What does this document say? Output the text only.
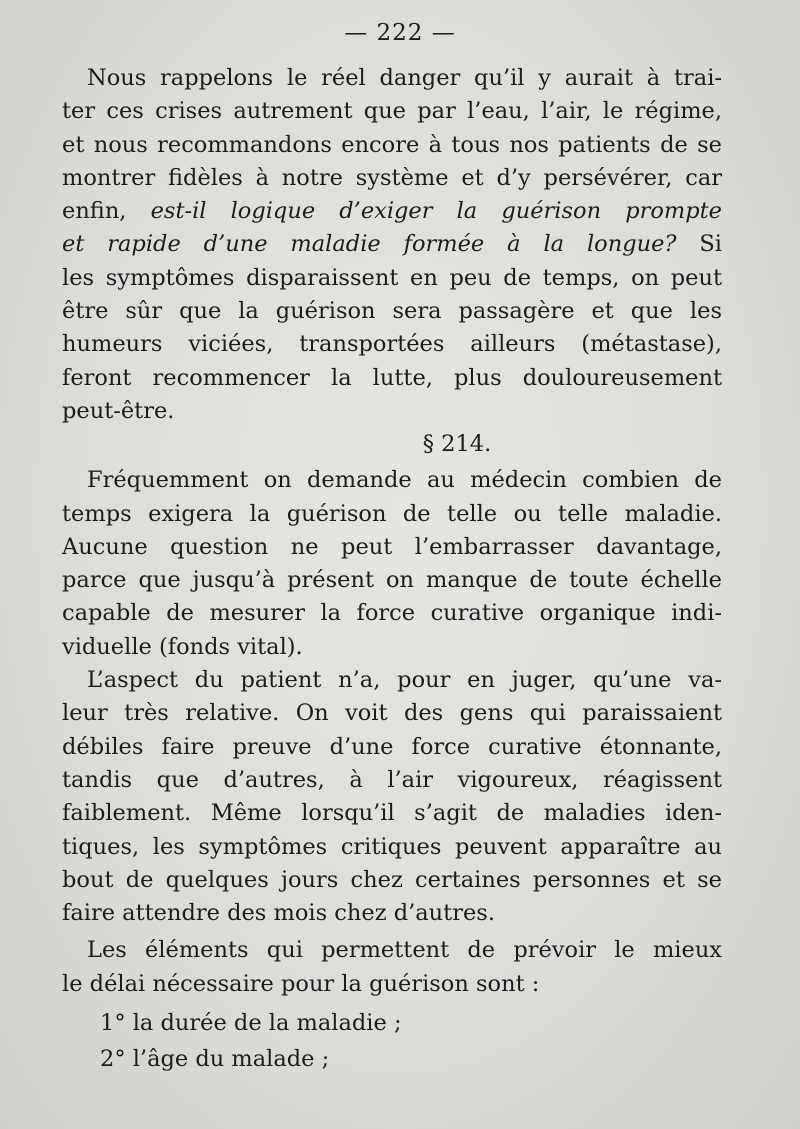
— 222 —
Nous rappelons le réel danger qu’il y aurait à trai-
ter ces crises autrement que par l’eau, l’air, le régime,
et nous recommandons encore à tous nos patients de se
montrer fidèles à notre système et d’y persévérer, car
enfin, est-il logique d’exiger la guérison prompte
et rapide d’une maladie formée à la longue? Si
les symptômes disparaissent en peu de temps, on peut
être sûr que la guérison sera passagère et que les
humeurs viciées, transportées ailleurs (métastase),
feront recommencer la lutte, plus douloureusement
peut-être.
§ 214.
Fréquemment on demande au médecin combien de
temps exigera la guérison de telle ou telle maladie.
Aucune question ne peut l’embarrasser davantage,
parce que jusqu’à présent on manque de toute échelle
capable de mesurer la force curative organique indi-
viduelle (fonds vital).
L’aspect du patient n’a, pour en juger, qu’une va-
leur très relative. On voit des gens qui paraissaient
débiles faire preuve d’une force curative étonnante,
tandis que d’autres, à l’air vigoureux, réagissent
faiblement. Même lorsqu’il s’agit de maladies iden-
tiques, les symptômes critiques peuvent apparaître au
bout de quelques jours chez certaines personnes et se
faire attendre des mois chez d’autres.
Les éléments qui permettent de prévoir le mieux
le délai nécessaire pour la guérison sont :
1° la durée de la maladie ;
2° l’âge du malade ;
